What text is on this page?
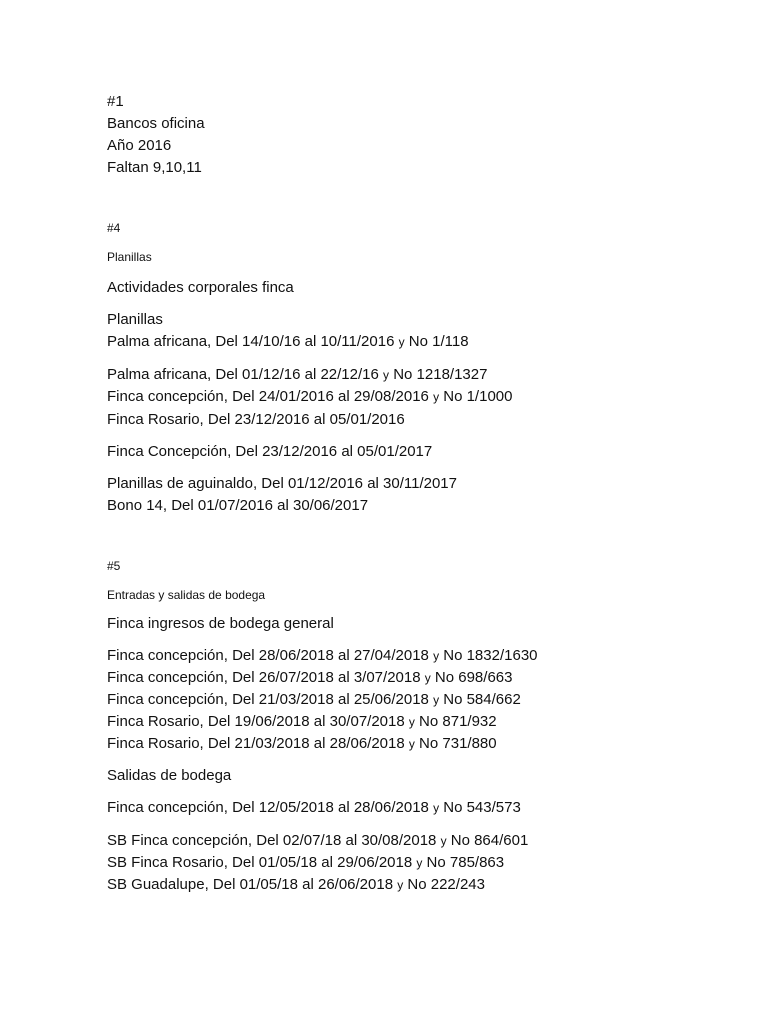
#1
Bancos oficina
Año 2016
Faltan 9,10,11
#4
Planillas
Actividades corporales finca
Planillas
Palma africana, Del 14/10/16 al 10/11/2016 y No 1/118
Palma africana, Del 01/12/16 al 22/12/16 y No 1218/1327
Finca concepción, Del 24/01/2016 al 29/08/2016 y No 1/1000
Finca Rosario, Del 23/12/2016 al 05/01/2016
Finca Concepción, Del 23/12/2016 al 05/01/2017
Planillas de aguinaldo, Del 01/12/2016 al 30/11/2017
Bono 14, Del 01/07/2016 al 30/06/2017
#5
Entradas y salidas de bodega
Finca ingresos de bodega general
Finca concepción, Del 28/06/2018 al 27/04/2018 y No 1832/1630
Finca concepción, Del 26/07/2018 al 3/07/2018 y No 698/663
Finca concepción, Del 21/03/2018 al 25/06/2018 y No 584/662
Finca Rosario, Del 19/06/2018 al 30/07/2018 y No 871/932
Finca Rosario, Del 21/03/2018 al 28/06/2018 y No 731/880
Salidas de bodega
Finca concepción, Del 12/05/2018 al 28/06/2018 y No 543/573
SB Finca concepción, Del 02/07/18 al 30/08/2018 y No 864/601
SB Finca Rosario, Del 01/05/18 al 29/06/2018 y No 785/863
SB Guadalupe, Del 01/05/18 al 26/06/2018 y No 222/243
